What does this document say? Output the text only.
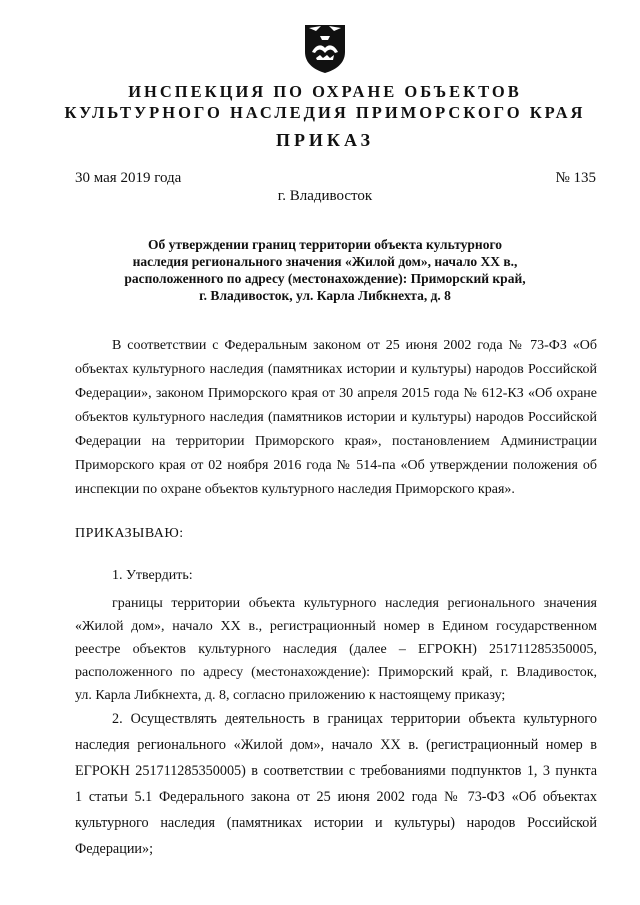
ИНСПЕКЦИЯ ПО ОХРАНЕ ОБЪЕКТОВ
КУЛЬТУРНОГО НАСЛЕДИЯ ПРИМОРСКОГО КРАЯ
ПРИКАЗ
30 мая 2019 года	№ 135
г. Владивосток
Об утверждении границ территории объекта культурного
наследия регионального значения «Жилой дом», начало XX в.,
расположенного по адресу (местонахождение): Приморский край,
г. Владивосток, ул. Карла Либкнехта, д. 8
В соответствии с Федеральным законом от 25 июня 2002 года № 73-ФЗ «Об
объектах культурного наследия (памятниках истории и культуры) народов Российской
Федерации», законом Приморского края от 30 апреля 2015 года № 612-КЗ «Об охране
объектов культурного наследия (памятников истории и культуры) народов Российской
Федерации на территории Приморского края», постановлением Администрации
Приморского края от 02 ноября 2016 года № 514-па «Об утверждении положения об
инспекции по охране объектов культурного наследия Приморского края».
ПРИКАЗЫВАЮ:
1. Утвердить:
границы территории объекта культурного наследия регионального значения
«Жилой дом», начало XX в., регистрационный номер в Едином государственном
реестре объектов культурного наследия (далее – ЕГРОКН) 251711285350005,
расположенного по адресу (местонахождение): Приморский край, г. Владивосток,
ул. Карла Либкнехта, д. 8, согласно приложению к настоящему приказу;
2. Осуществлять деятельность в границах территории объекта культурного
наследия регионального «Жилой дом», начало XX в. (регистрационный номер в
ЕГРОКН 251711285350005) в соответствии с требованиями подпунктов 1, 3 пункта
1 статьи 5.1 Федерального закона от 25 июня 2002 года № 73-ФЗ «Об объектах
культурного наследия (памятниках истории и культуры) народов Российской
Федерации»;
